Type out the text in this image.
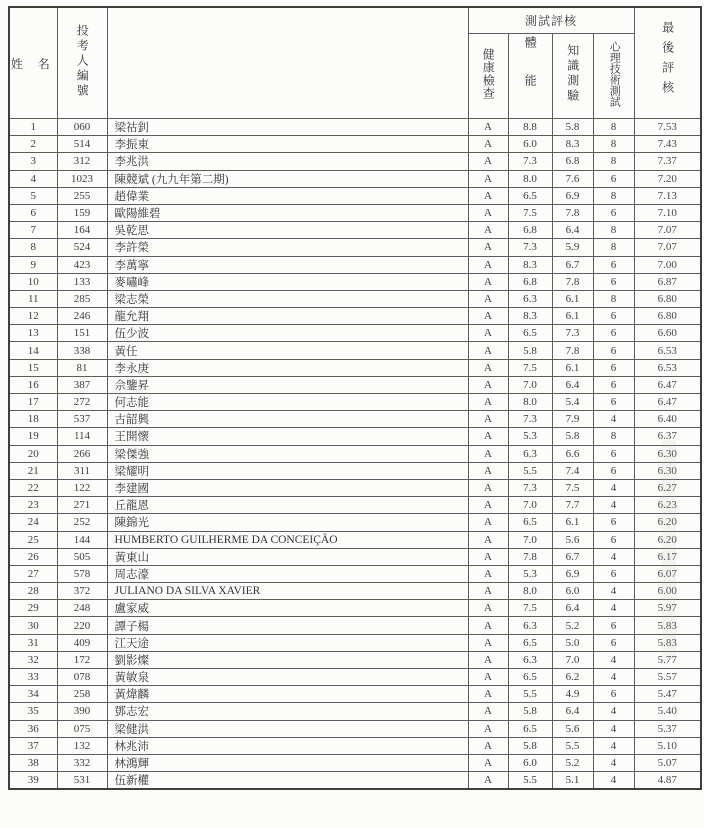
姓 名	投考人編號		測試評核				最後評核
			健康檢查	體能	知識測驗	心理技術測試	
1	060	梁祜釗	A	8.8	5.8	8	7.53
2	514	李振東	A	6.0	8.3	8	7.43
3	312	李兆洪	A	7.3	6.8	8	7.37
4	1023	陳競斌 (九九年第二期)	A	8.0	7.6	6	7.20
5	255	趙偉業	A	6.5	6.9	8	7.13
6	159	歐陽維碧	A	7.5	7.8	6	7.10
7	164	吳乾思	A	6.8	6.4	8	7.07
8	524	李許榮	A	7.3	5.9	8	7.07
9	423	李萬寧	A	8.3	6.7	6	7.00
10	133	麥嘯峰	A	6.8	7.8	6	6.87
11	285	梁志榮	A	6.3	6.1	8	6.80
12	246	龍允翔	A	8.3	6.1	6	6.80
13	151	伍少波	A	6.5	7.3	6	6.60
14	338	黃任	A	5.8	7.8	6	6.53
15	81	李永庚	A	7.5	6.1	6	6.53
16	387	佘鑒昇	A	7.0	6.4	6	6.47
17	272	何志能	A	8.0	5.4	6	6.47
18	537	古韶興	A	7.3	7.9	4	6.40
19	114	王開懷	A	5.3	5.8	8	6.37
20	266	梁傑強	A	6.3	6.6	6	6.30
21	311	梁耀明	A	5.5	7.4	6	6.30
22	122	李建國	A	7.3	7.5	4	6.27
23	271	丘龍恩	A	7.0	7.7	4	6.23
24	252	陳錦光	A	6.5	6.1	6	6.20
25	144	HUMBERTO GUILHERME DA CONCEIÇÃO	A	7.0	5.6	6	6.20
26	505	黃東山	A	7.8	6.7	4	6.17
27	578	周志濠	A	5.3	6.9	6	6.07
28	372	JULIANO DA SILVA XAVIER	A	8.0	6.0	4	6.00
29	248	盧家威	A	7.5	6.4	4	5.97
30	220	譚子楊	A	6.3	5.2	6	5.83
31	409	江天途	A	6.5	5.0	6	5.83
32	172	劉影燦	A	6.3	7.0	4	5.77
33	078	黃敏泉	A	6.5	6.2	4	5.57
34	258	黃煒麟	A	5.5	4.9	6	5.47
35	390	鄧志宏	A	5.8	6.4	4	5.40
36	075	梁健洪	A	6.5	5.6	4	5.37
37	132	林兆沛	A	5.8	5.5	4	5.10
38	332	林鴻輝	A	6.0	5.2	4	5.07
39	531	伍新權	A	5.5	5.1	4	4.87
